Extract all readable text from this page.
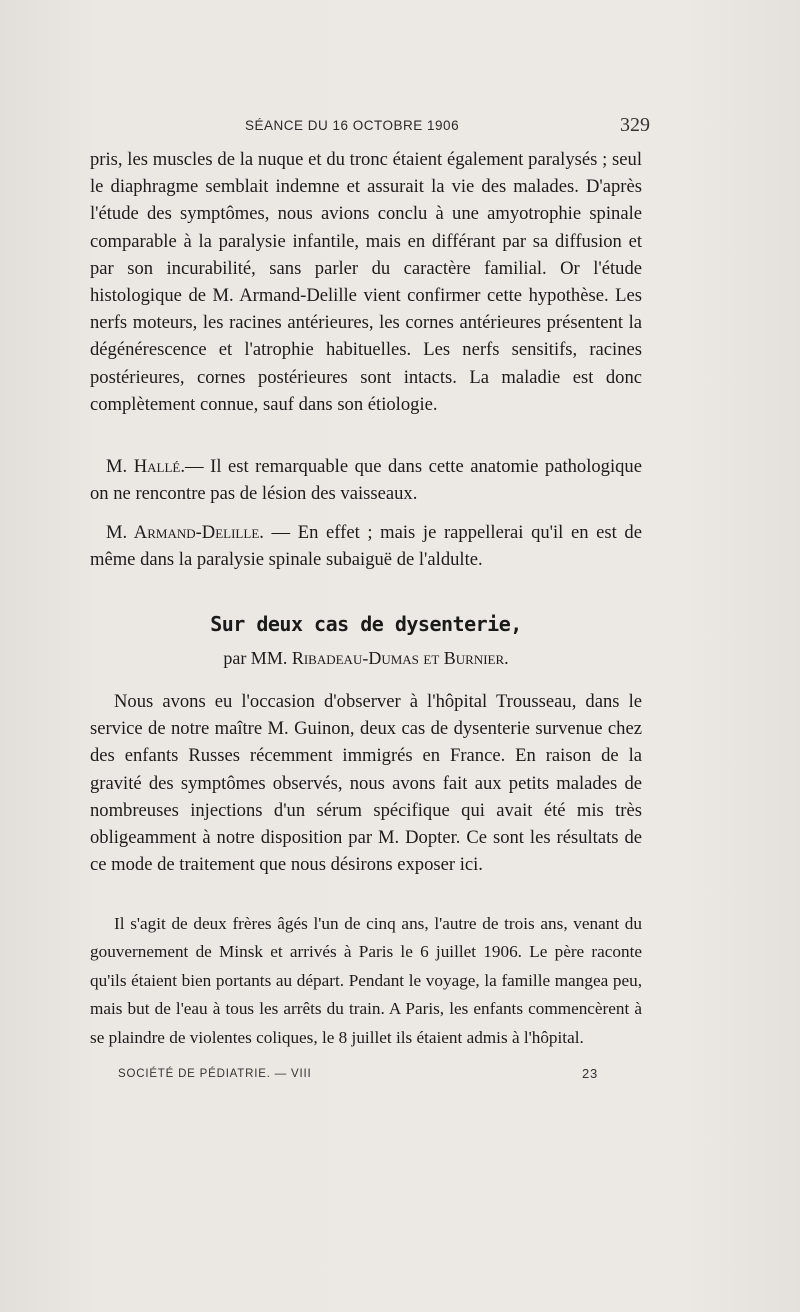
SÉANCE DU 16 OCTOBRE 1906	329

pris, les muscles de la nuque et du tronc étaient également paralysés ; seul le diaphragme semblait indemne et assurait la vie des malades. D'après l'étude des symptômes, nous avions conclu à une amyotrophie spinale comparable à la paralysie infantile, mais en différant par sa diffusion et par son incurabilité, sans parler du caractère familial. Or l'étude histologique de M. Armand-Delille vient confirmer cette hypothèse. Les nerfs moteurs, les racines antérieures, les cornes antérieures présentent la dégénérescence et l'atrophie habituelles. Les nerfs sensitifs, racines postérieures, cornes postérieures sont intacts. La maladie est donc complètement connue, sauf dans son étiologie.

M. Hallé.— Il est remarquable que dans cette anatomie pathologique on ne rencontre pas de lésion des vaisseaux.

M. Armand-Delille. — En effet ; mais je rappellerai qu'il en est de même dans la paralysie spinale subaiguë de l'aldulte.

Sur deux cas de dysenterie,
par MM. Ribadeau-Dumas et Burnier.

Nous avons eu l'occasion d'observer à l'hôpital Trousseau, dans le service de notre maître M. Guinon, deux cas de dysenterie survenue chez des enfants Russes récemment immigrés en France. En raison de la gravité des symptômes observés, nous avons fait aux petits malades de nombreuses injections d'un sérum spécifique qui avait été mis très obligeamment à notre disposition par M. Dopter. Ce sont les résultats de ce mode de traitement que nous désirons exposer ici.

Il s'agit de deux frères âgés l'un de cinq ans, l'autre de trois ans, venant du gouvernement de Minsk et arrivés à Paris le 6 juillet 1906. Le père raconte qu'ils étaient bien portants au départ. Pendant le voyage, la famille mangea peu, mais but de l'eau à tous les arrêts du train. A Paris, les enfants commencèrent à se plaindre de violentes coliques, le 8 juillet ils étaient admis à l'hôpital.

SOCIÉTÉ DE PÉDIATRIE. — VIII	23
